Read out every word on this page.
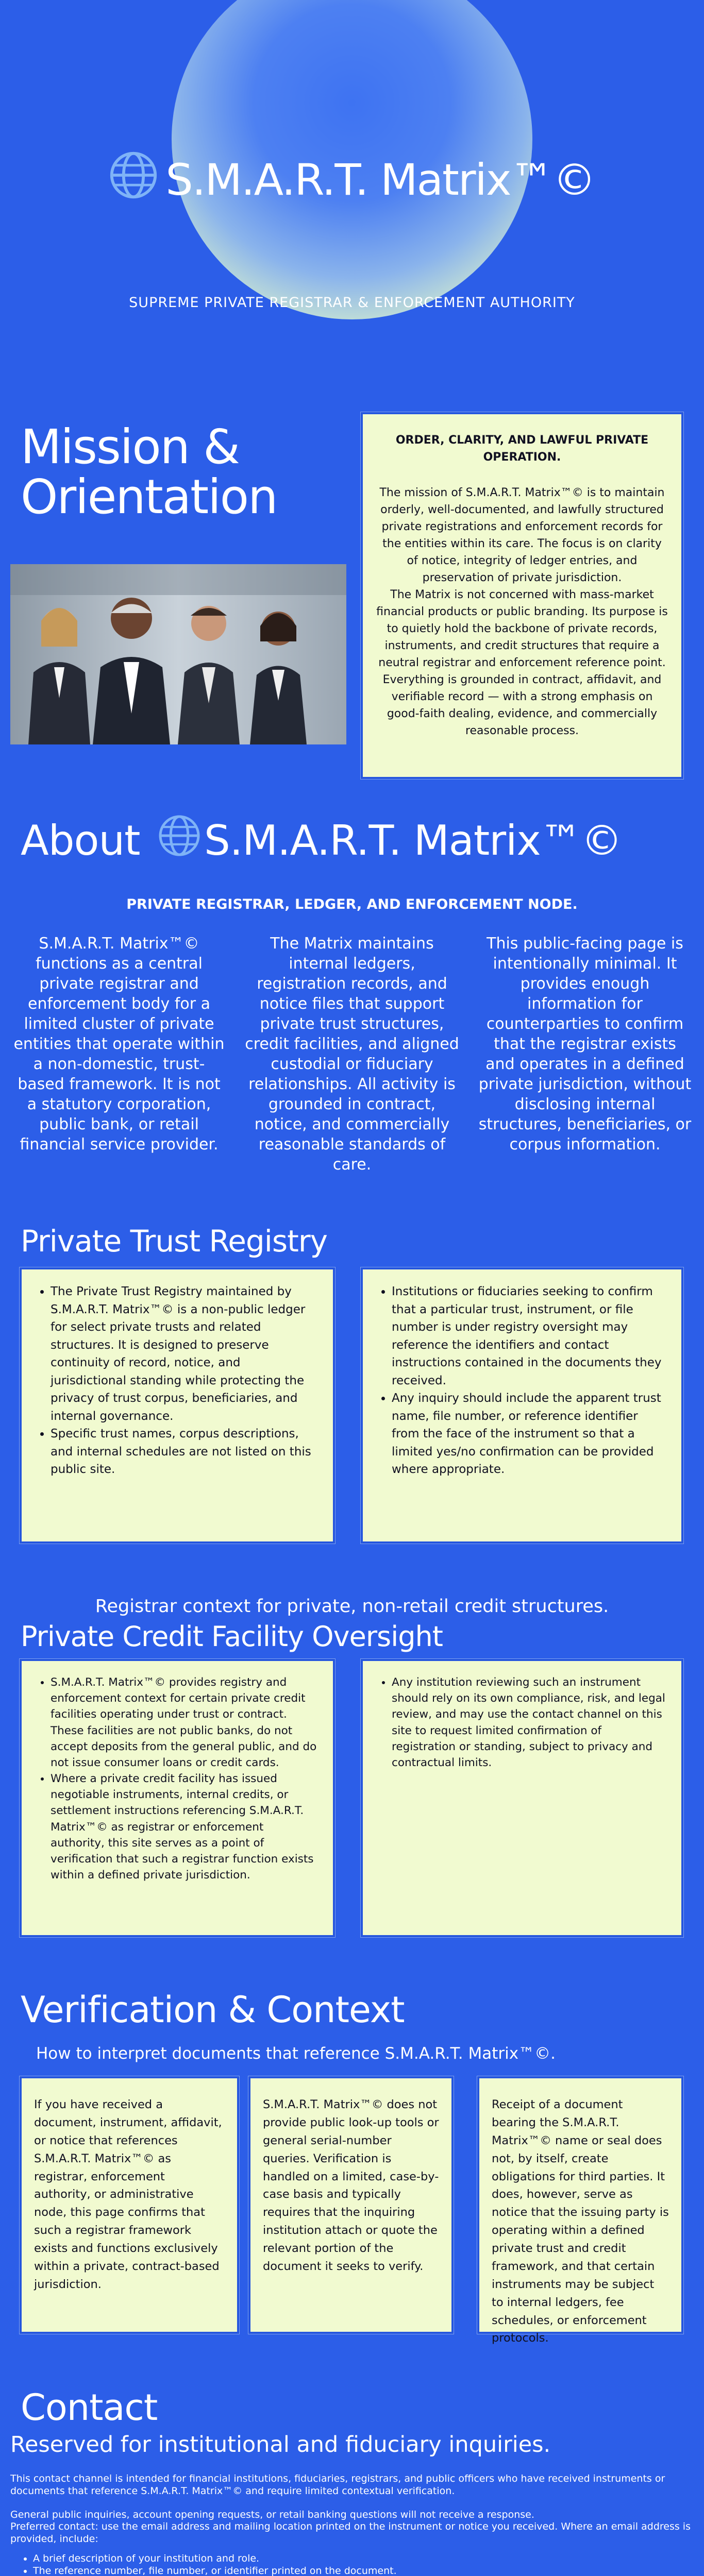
S.M.A.R.T. Matrix™©
SUPREME PRIVATE REGISTRAR & ENFORCEMENT AUTHORITY
Mission &
Orientation
ORDER, CLARITY, AND LAWFUL PRIVATE OPERATION.

The mission of S.M.A.R.T. Matrix™© is to maintain orderly, well-documented, and lawfully structured private registrations and enforcement records for the entities within its care. The focus is on clarity of notice, integrity of ledger entries, and preservation of private jurisdiction.

The Matrix is not concerned with mass-market financial products or public branding. Its purpose is to quietly hold the backbone of private records, instruments, and credit structures that require a neutral registrar and enforcement reference point.

Everything is grounded in contract, affidavit, and verifiable record — with a strong emphasis on good-faith dealing, evidence, and commercially reasonable process.

About S.M.A.R.T. Matrix™©
PRIVATE REGISTRAR, LEDGER, AND ENFORCEMENT NODE.
S.M.A.R.T. Matrix™© functions as a central private registrar and enforcement body for a limited cluster of private entities that operate within a non-domestic, trust-based framework. It is not a statutory corporation, public bank, or retail financial service provider.
The Matrix maintains internal ledgers, registration records, and notice files that support private trust structures, credit facilities, and aligned custodial or fiduciary relationships. All activity is grounded in contract, notice, and commercially reasonable standards of care.
This public-facing page is intentionally minimal. It provides enough information for counterparties to confirm that the registrar exists and operates in a defined private jurisdiction, without disclosing internal structures, beneficiaries, or corpus information.
Private Trust Registry
• The Private Trust Registry maintained by S.M.A.R.T. Matrix™© is a non-public ledger for select private trusts and related structures. It is designed to preserve continuity of record, notice, and jurisdictional standing while protecting the privacy of trust corpus, beneficiaries, and internal governance.
• Specific trust names, corpus descriptions, and internal schedules are not listed on this public site.
• Institutions or fiduciaries seeking to confirm that a particular trust, instrument, or file number is under registry oversight may reference the identifiers and contact instructions contained in the documents they received.
• Any inquiry should include the apparent trust name, file number, or reference identifier from the face of the instrument so that a limited yes/no confirmation can be provided where appropriate.
Registrar context for private, non-retail credit structures.
Private Credit Facility Oversight
• S.M.A.R.T. Matrix™© provides registry and enforcement context for certain private credit facilities operating under trust or contract. These facilities are not public banks, do not accept deposits from the general public, and do not issue consumer loans or credit cards.
• Where a private credit facility has issued negotiable instruments, internal credits, or settlement instructions referencing S.M.A.R.T. Matrix™© as registrar or enforcement authority, this site serves as a point of verification that such a registrar function exists within a defined private jurisdiction.
• Any institution reviewing such an instrument should rely on its own compliance, risk, and legal review, and may use the contact channel on this site to request limited confirmation of registration or standing, subject to privacy and contractual limits.
Verification & Context
How to interpret documents that reference S.M.A.R.T. Matrix™©.
If you have received a document, instrument, affidavit, or notice that references S.M.A.R.T. Matrix™© as registrar, enforcement authority, or administrative node, this page confirms that such a registrar framework exists and functions exclusively within a private, contract-based jurisdiction.
S.M.A.R.T. Matrix™© does not provide public look-up tools or general serial-number queries. Verification is handled on a limited, case-by-case basis and typically requires that the inquiring institution attach or quote the relevant portion of the document it seeks to verify.
Receipt of a document bearing the S.M.A.R.T. Matrix™© name or seal does not, by itself, create obligations for third parties. It does, however, serve as notice that the issuing party is operating within a defined private trust and credit framework, and that certain instruments may be subject to internal ledgers, fee schedules, or enforcement protocols.
Contact
Reserved for institutional and fiduciary inquiries.

This contact channel is intended for financial institutions, fiduciaries, registrars, and public officers who have received instruments or documents that reference S.M.A.R.T. Matrix™© and require limited contextual verification.

General public inquiries, account opening requests, or retail banking questions will not receive a response.

Preferred contact: use the email address and mailing location printed on the instrument or notice you received. Where an email address is provided, include:

• A brief description of your institution and role.
• The reference number, file number, or identifier printed on the document.
